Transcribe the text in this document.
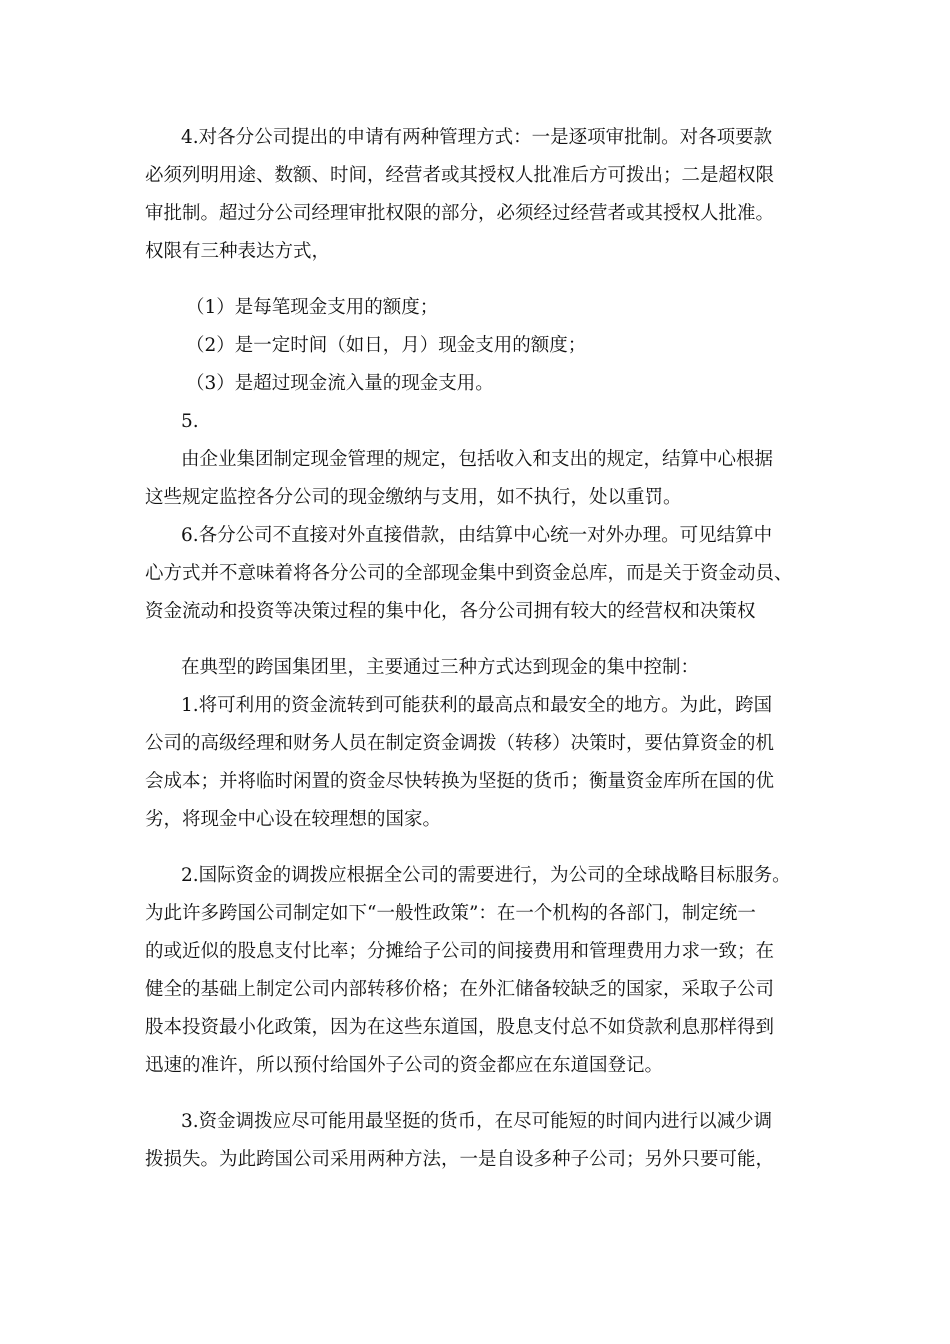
4.对各分公司提出的申请有两种管理方式：一是逐项审批制。对各项要款
必须列明用途、数额、时间，经营者或其授权人批准后方可拨出；二是超权限
审批制。超过分公司经理审批权限的部分，必须经过经营者或其授权人批准。
权限有三种表达方式，
（1）是每笔现金支用的额度；
（2）是一定时间（如日，月）现金支用的额度；
（3）是超过现金流入量的现金支用。
5.
由企业集团制定现金管理的规定，包括收入和支出的规定，结算中心根据
这些规定监控各分公司的现金缴纳与支用，如不执行，处以重罚。
6.各分公司不直接对外直接借款，由结算中心统一对外办理。可见结算中
心方式并不意味着将各分公司的全部现金集中到资金总库，而是关于资金动员、
资金流动和投资等决策过程的集中化，各分公司拥有较大的经营权和决策权
在典型的跨国集团里，主要通过三种方式达到现金的集中控制：
1.将可利用的资金流转到可能获利的最高点和最安全的地方。为此，跨国
公司的高级经理和财务人员在制定资金调拨（转移）决策时，要估算资金的机
会成本；并将临时闲置的资金尽快转换为坚挺的货币；衡量资金库所在国的优
劣，将现金中心设在较理想的国家。
2.国际资金的调拨应根据全公司的需要进行，为公司的全球战略目标服务。
为此许多跨国公司制定如下“一般性政策”：在一个机构的各部门，制定统一
的或近似的股息支付比率；分摊给子公司的间接费用和管理费用力求一致；在
健全的基础上制定公司内部转移价格；在外汇储备较缺乏的国家，采取子公司
股本投资最小化政策，因为在这些东道国，股息支付总不如贷款利息那样得到
迅速的准许，所以预付给国外子公司的资金都应在东道国登记。
3.资金调拨应尽可能用最坚挺的货币，在尽可能短的时间内进行以减少调
拨损失。为此跨国公司采用两种方法，一是自设多种子公司；另外只要可能，
